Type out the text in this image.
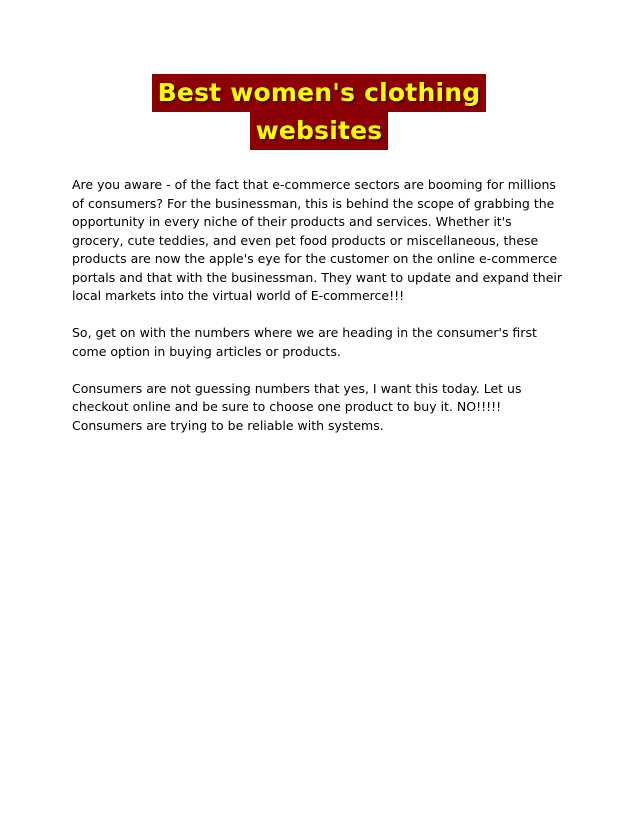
Best women's clothing
websites

Are you aware - of the fact that e-commerce sectors are booming for millions of consumers? For the businessman, this is behind the scope of grabbing the opportunity in every niche of their products and services. Whether it's grocery, cute teddies, and even pet food products or miscellaneous, these products are now the apple's eye for the customer on the online e-commerce portals and that with the businessman. They want to update and expand their local markets into the virtual world of E-commerce!!!

So, get on with the numbers where we are heading in the consumer's first come option in buying articles or products.

Consumers are not guessing numbers that yes, I want this today. Let us checkout online and be sure to choose one product to buy it. NO!!!!! Consumers are trying to be reliable with systems.
